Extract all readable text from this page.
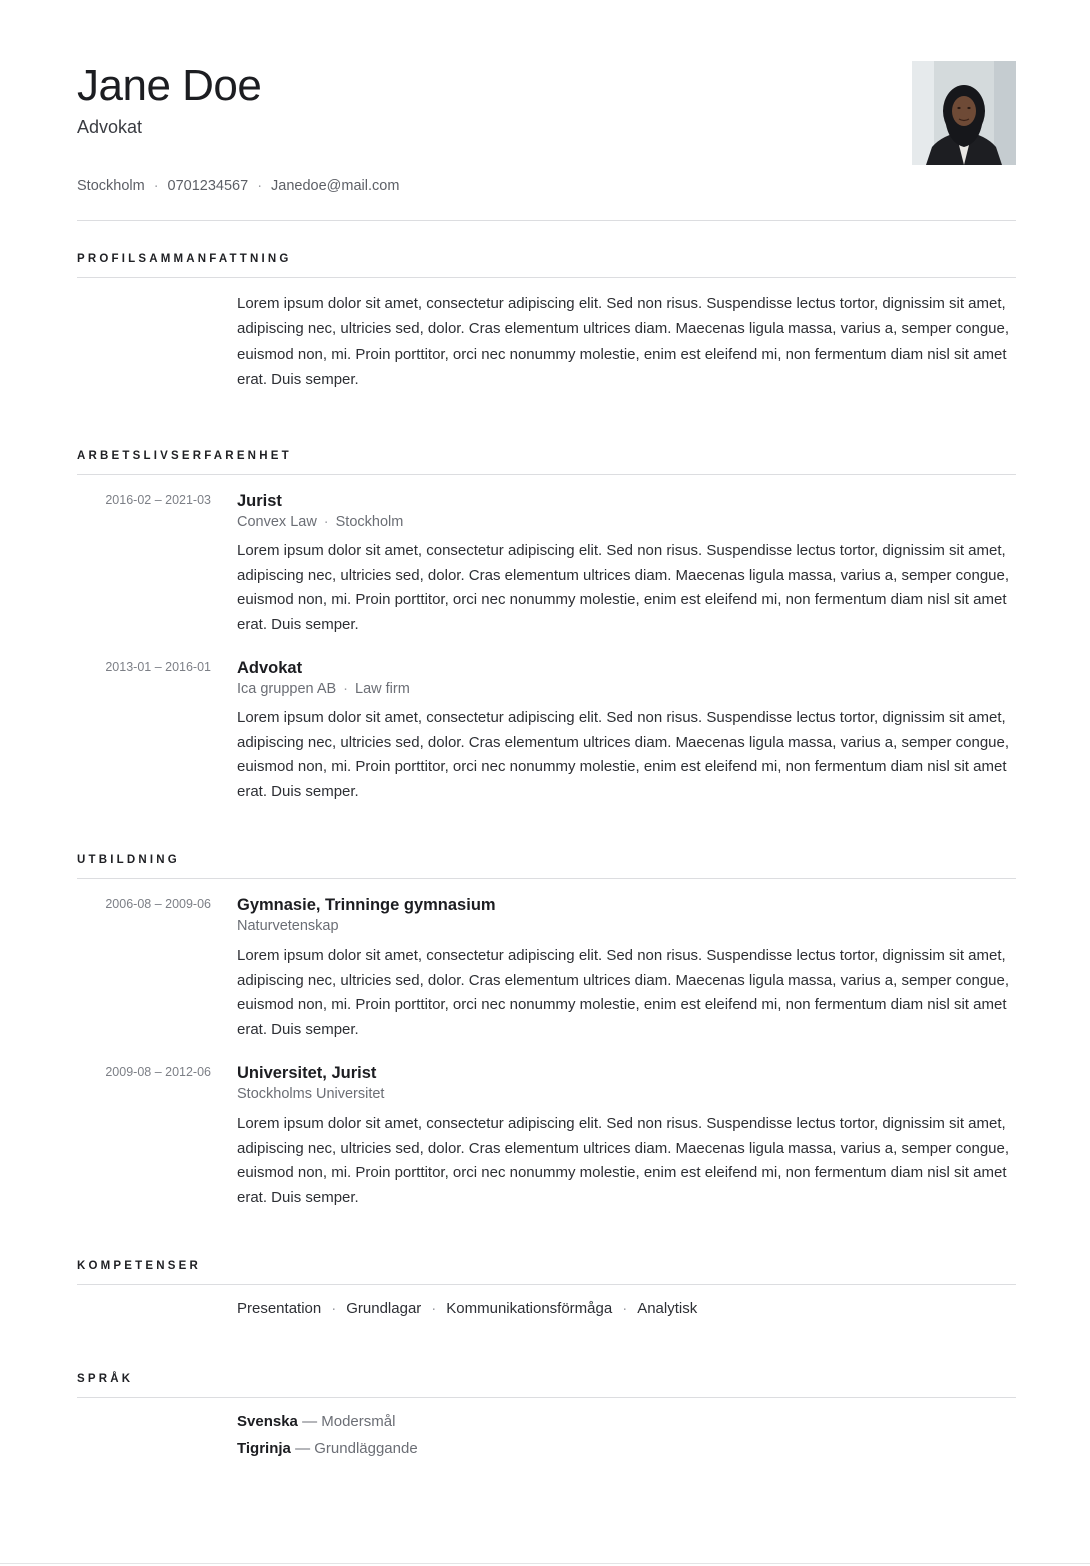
Jane Doe
Advokat
Stockholm · 0701234567 · Janedoe@mail.com
PROFILSAMMANFATTNING

Lorem ipsum dolor sit amet, consectetur adipiscing elit. Sed non risus. Suspendisse lectus tortor, dignissim sit amet, adipiscing nec, ultricies sed, dolor. Cras elementum ultrices diam. Maecenas ligula massa, varius a, semper congue, euismod non, mi. Proin porttitor, orci nec nonummy molestie, enim est eleifend mi, non fermentum diam nisl sit amet erat. Duis semper.

ARBETSLIVSERFARENHET
2016-02 – 2021-03 Jurist
Convex Law · Stockholm

Lorem ipsum dolor sit amet, consectetur adipiscing elit. Sed non risus. Suspendisse lectus tortor, dignissim sit amet, adipiscing nec, ultricies sed, dolor. Cras elementum ultrices diam. Maecenas ligula massa, varius a, semper congue, euismod non, mi. Proin porttitor, orci nec nonummy molestie, enim est eleifend mi, non fermentum diam nisl sit amet erat. Duis semper.

2013-01 – 2016-01 Advokat
Ica gruppen AB · Law firm

Lorem ipsum dolor sit amet, consectetur adipiscing elit. Sed non risus. Suspendisse lectus tortor, dignissim sit amet, adipiscing nec, ultricies sed, dolor. Cras elementum ultrices diam. Maecenas ligula massa, varius a, semper congue, euismod non, mi. Proin porttitor, orci nec nonummy molestie, enim est eleifend mi, non fermentum diam nisl sit amet erat. Duis semper.

UTBILDNING
2006-08 – 2009-06 Gymnasie, Trinninge gymnasium
Naturvetenskap

Lorem ipsum dolor sit amet, consectetur adipiscing elit. Sed non risus. Suspendisse lectus tortor, dignissim sit amet, adipiscing nec, ultricies sed, dolor. Cras elementum ultrices diam. Maecenas ligula massa, varius a, semper congue, euismod non, mi. Proin porttitor, orci nec nonummy molestie, enim est eleifend mi, non fermentum diam nisl sit amet erat. Duis semper.

2009-08 – 2012-06 Universitet, Jurist
Stockholms Universitet

Lorem ipsum dolor sit amet, consectetur adipiscing elit. Sed non risus. Suspendisse lectus tortor, dignissim sit amet, adipiscing nec, ultricies sed, dolor. Cras elementum ultrices diam. Maecenas ligula massa, varius a, semper congue, euismod non, mi. Proin porttitor, orci nec nonummy molestie, enim est eleifend mi, non fermentum diam nisl sit amet erat. Duis semper.

KOMPETENSER
Presentation · Grundlagar · Kommunikationsförmåga · Analytisk
SPRÅK
Svenska — Modersmål
Tigrinja — Grundläggande
